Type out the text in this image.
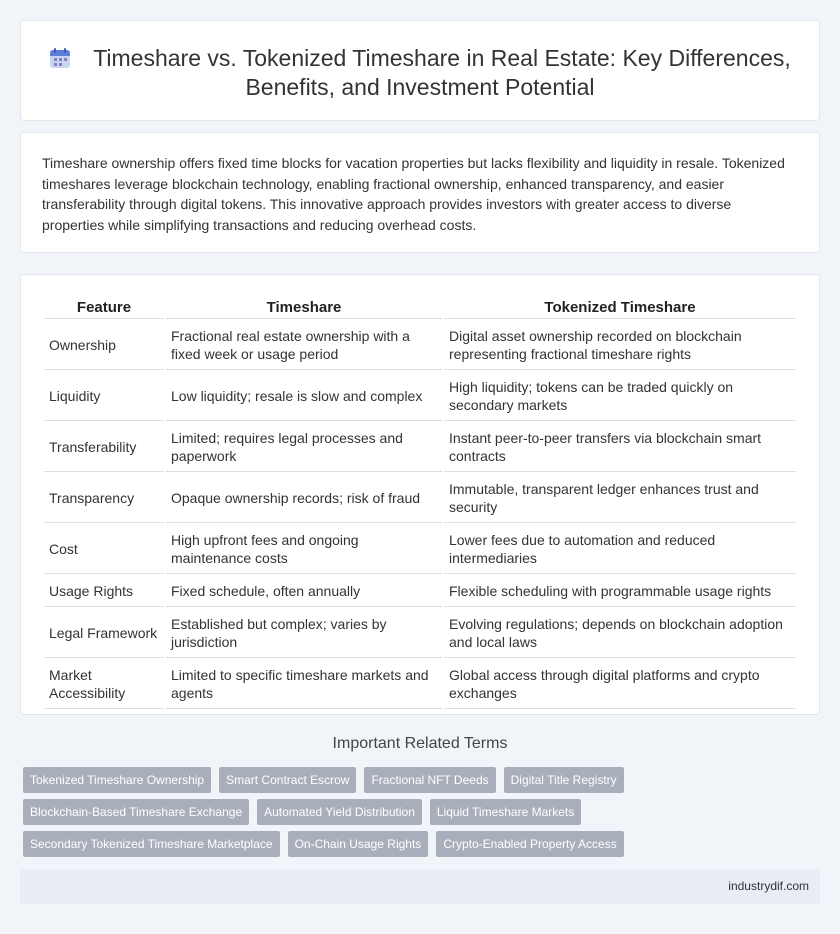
Timeshare vs. Tokenized Timeshare in Real Estate: Key Differences, Benefits, and Investment Potential

Timeshare ownership offers fixed time blocks for vacation properties but lacks flexibility and liquidity in resale. Tokenized timeshares leverage blockchain technology, enabling fractional ownership, enhanced transparency, and easier transferability through digital tokens. This innovative approach provides investors with greater access to diverse properties while simplifying transactions and reducing overhead costs.

Feature	Timeshare	Tokenized Timeshare
Ownership	Fractional real estate ownership with a fixed week or usage period	Digital asset ownership recorded on blockchain representing fractional timeshare rights
Liquidity	Low liquidity; resale is slow and complex	High liquidity; tokens can be traded quickly on secondary markets
Transferability	Limited; requires legal processes and paperwork	Instant peer-to-peer transfers via blockchain smart contracts
Transparency	Opaque ownership records; risk of fraud	Immutable, transparent ledger enhances trust and security
Cost	High upfront fees and ongoing maintenance costs	Lower fees due to automation and reduced intermediaries
Usage Rights	Fixed schedule, often annually	Flexible scheduling with programmable usage rights
Legal Framework	Established but complex; varies by jurisdiction	Evolving regulations; depends on blockchain adoption and local laws
Market Accessibility	Limited to specific timeshare markets and agents	Global access through digital platforms and crypto exchanges
Important Related Terms
Tokenized Timeshare Ownership	Smart Contract Escrow	Fractional NFT Deeds	Digital Title Registry
Blockchain-Based Timeshare Exchange	Automated Yield Distribution	Liquid Timeshare Markets
Secondary Tokenized Timeshare Marketplace	On-Chain Usage Rights	Crypto-Enabled Property Access
industrydif.com
